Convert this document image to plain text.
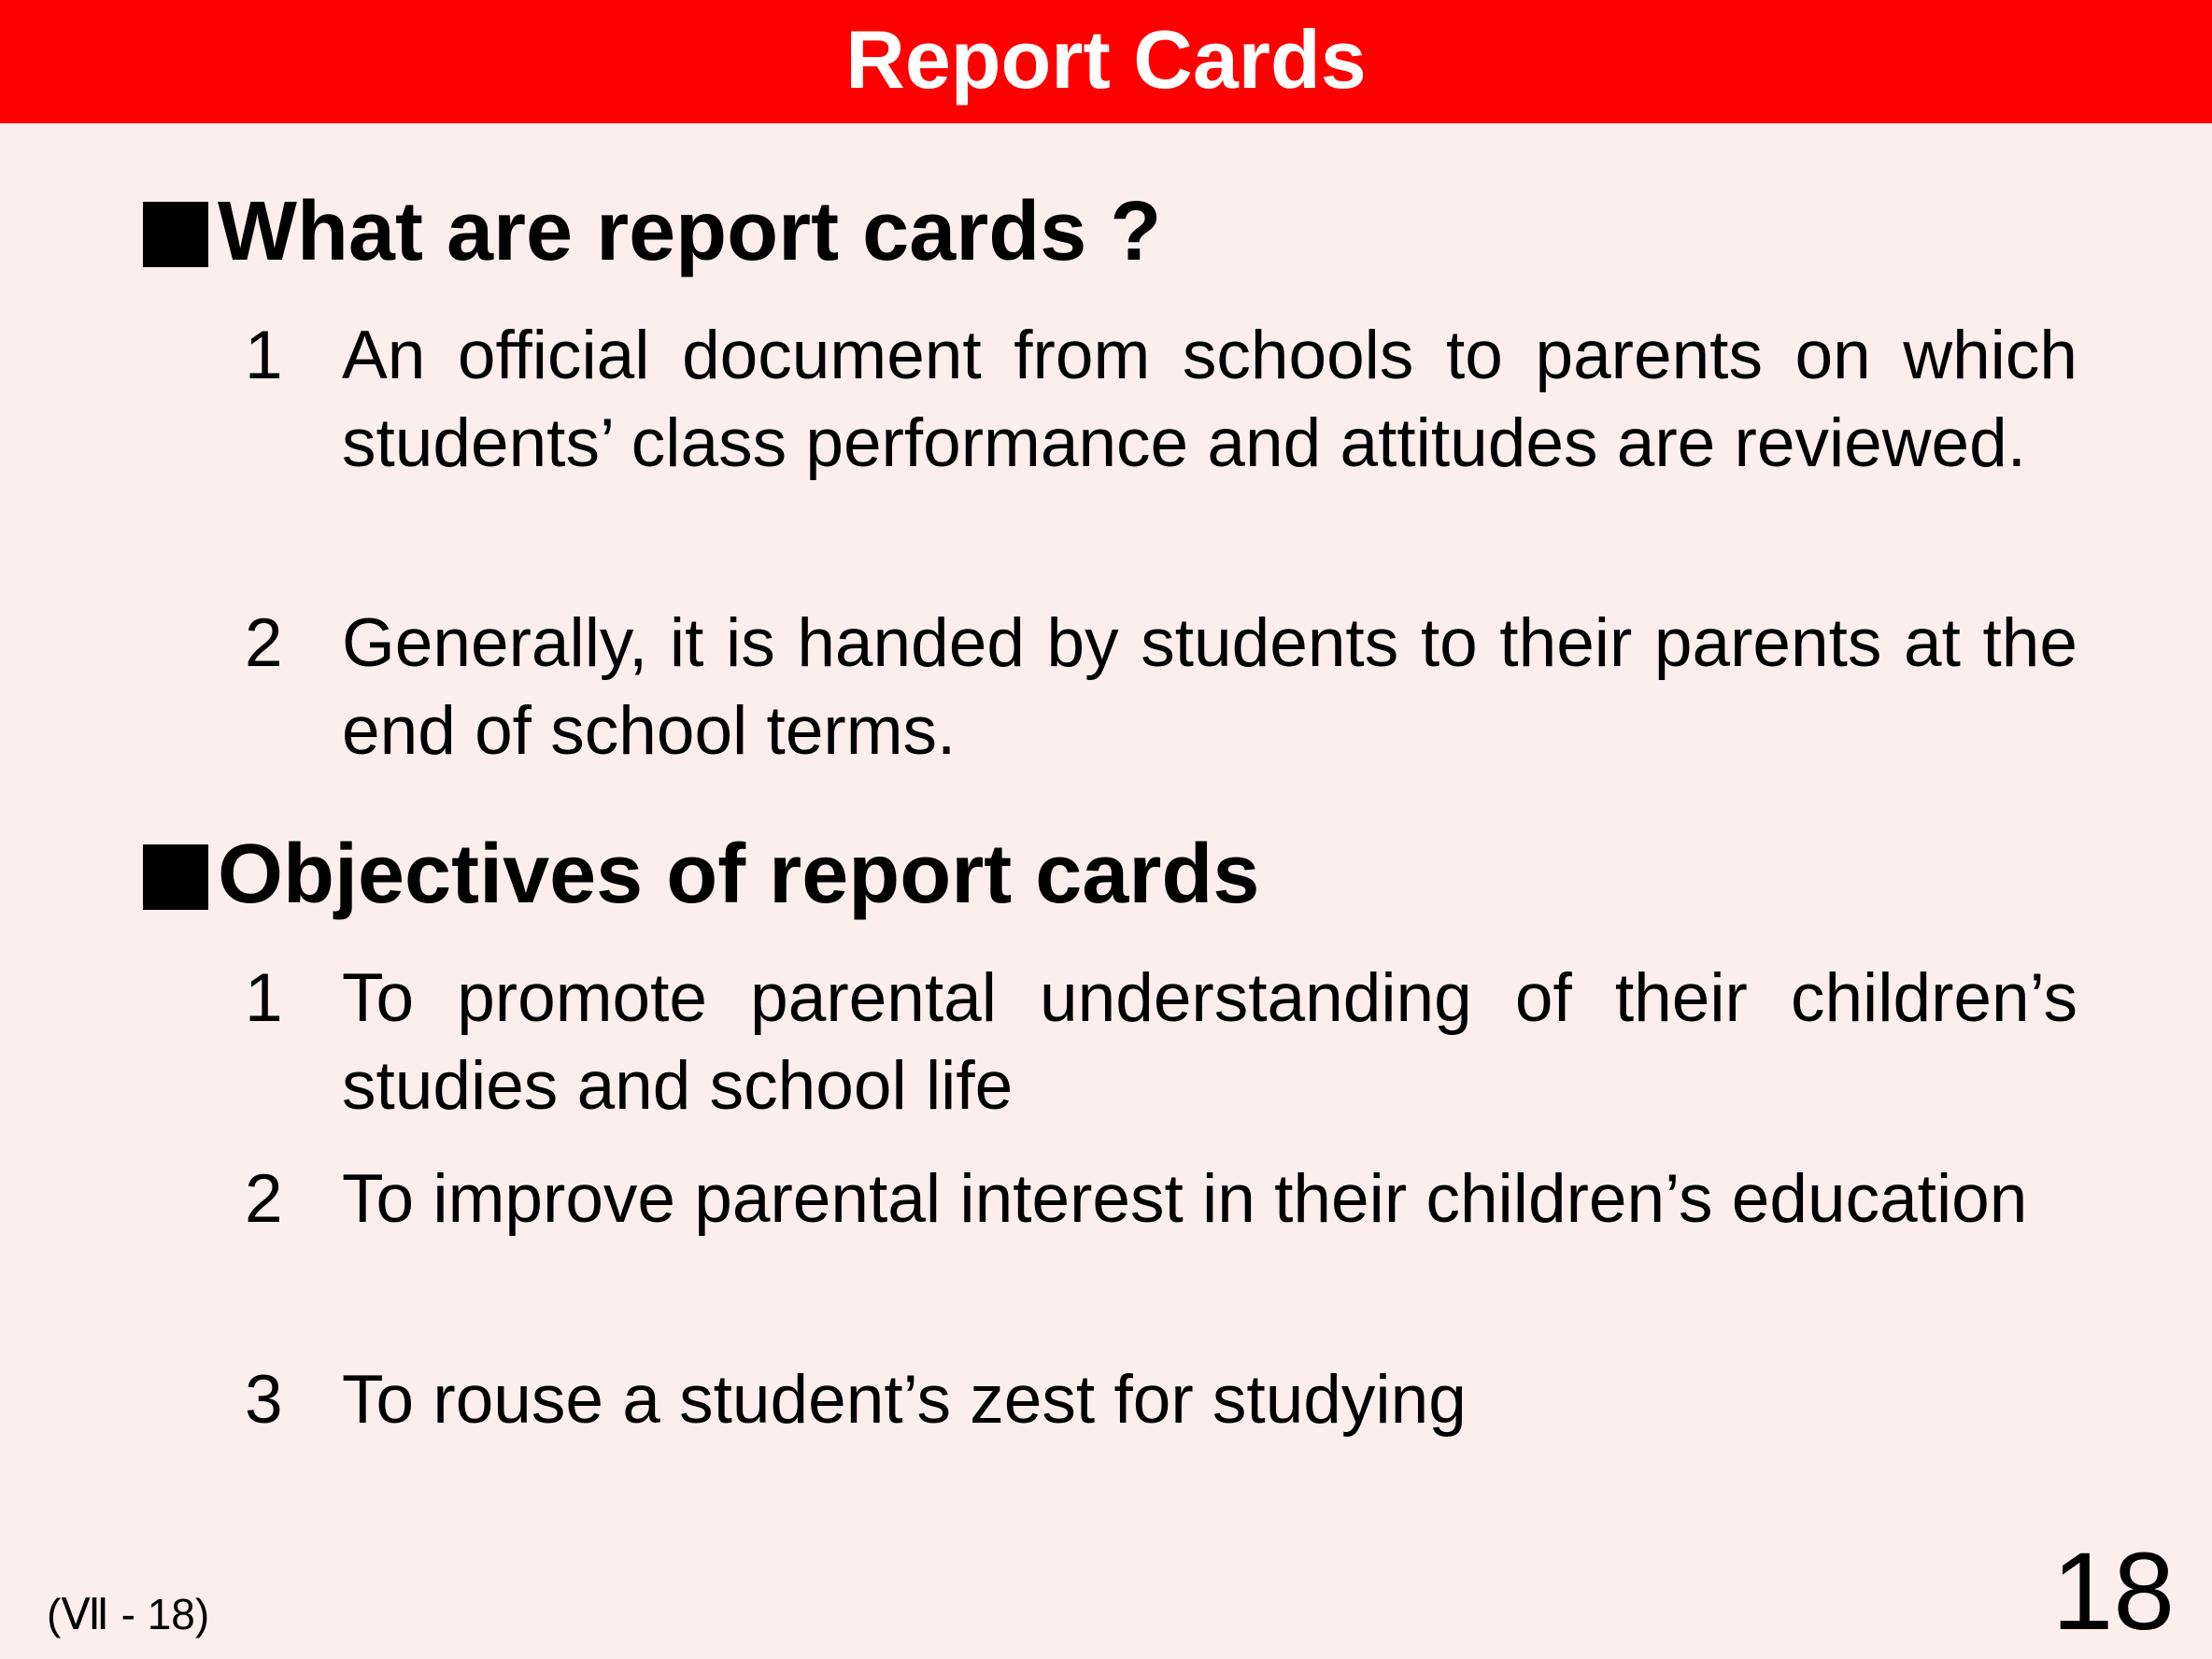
Report Cards
What are report cards ?
1 An official document from schools to parents on which students’ class performance and attitudes are reviewed.
2 Generally, it is handed by students to their parents at the end of school terms.
Objectives of report cards
1 To promote parental understanding of their children’s studies and school life
2 To improve parental interest in their children’s education
3 To rouse a student’s zest for studying
(Ⅶ - 18)	18
